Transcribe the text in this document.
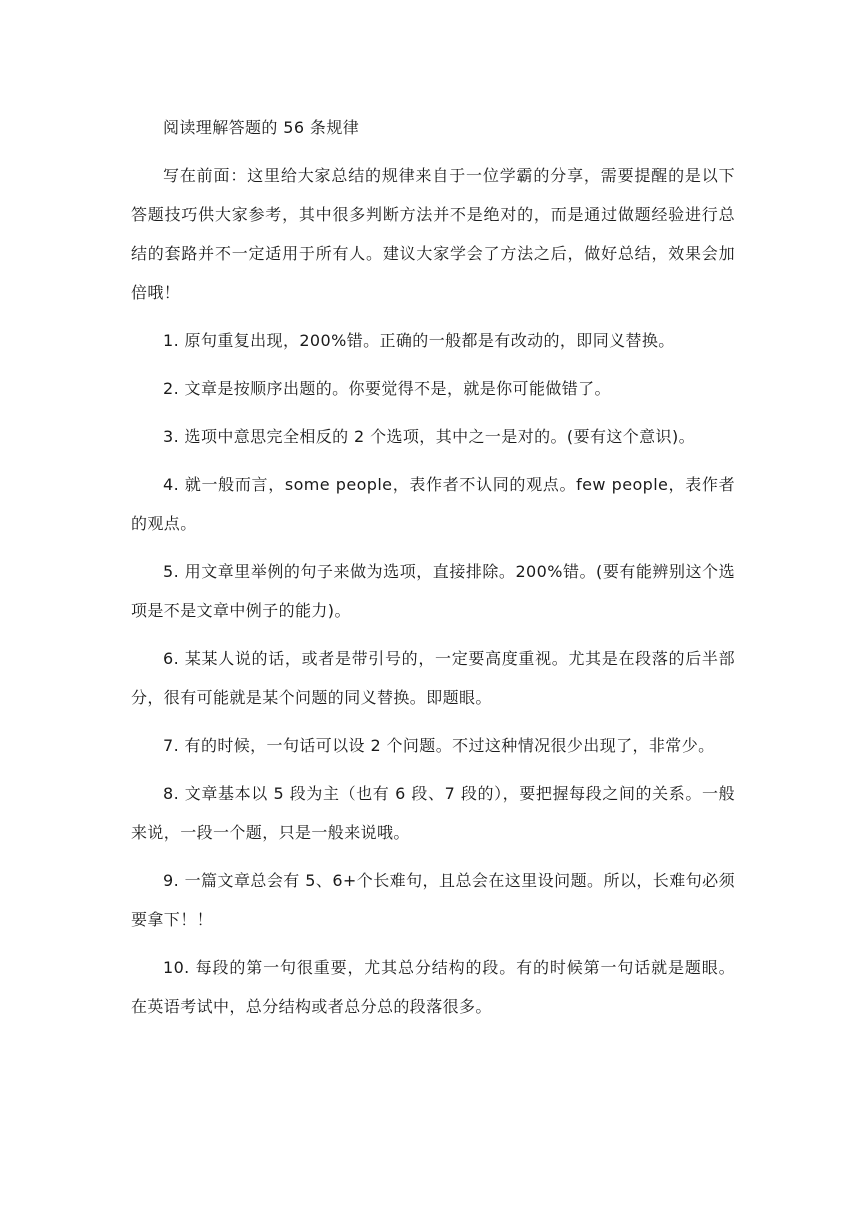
阅读理解答题的 56 条规律

写在前面：这里给大家总结的规律来自于一位学霸的分享，需要提醒的是以下答题技巧供大家参考，其中很多判断方法并不是绝对的，而是通过做题经验进行总结的套路并不一定适用于所有人。建议大家学会了方法之后，做好总结，效果会加倍哦！

1. 原句重复出现，200%错。正确的一般都是有改动的，即同义替换。

2. 文章是按顺序出题的。你要觉得不是，就是你可能做错了。

3. 选项中意思完全相反的 2 个选项，其中之一是对的。(要有这个意识)。

4. 就一般而言，some people，表作者不认同的观点。few people，表作者的观点。

5. 用文章里举例的句子来做为选项，直接排除。200%错。(要有能辨别这个选项是不是文章中例子的能力)。

6. 某某人说的话，或者是带引号的，一定要高度重视。尤其是在段落的后半部分，很有可能就是某个问题的同义替换。即题眼。

7. 有的时候，一句话可以设 2 个问题。不过这种情况很少出现了，非常少。

8. 文章基本以 5 段为主（也有 6 段、7 段的），要把握每段之间的关系。一般来说，一段一个题，只是一般来说哦。

9. 一篇文章总会有 5、6+个长难句，且总会在这里设问题。所以，长难句必须要拿下！！

10. 每段的第一句很重要，尤其总分结构的段。有的时候第一句话就是题眼。在英语考试中，总分结构或者总分总的段落很多。
